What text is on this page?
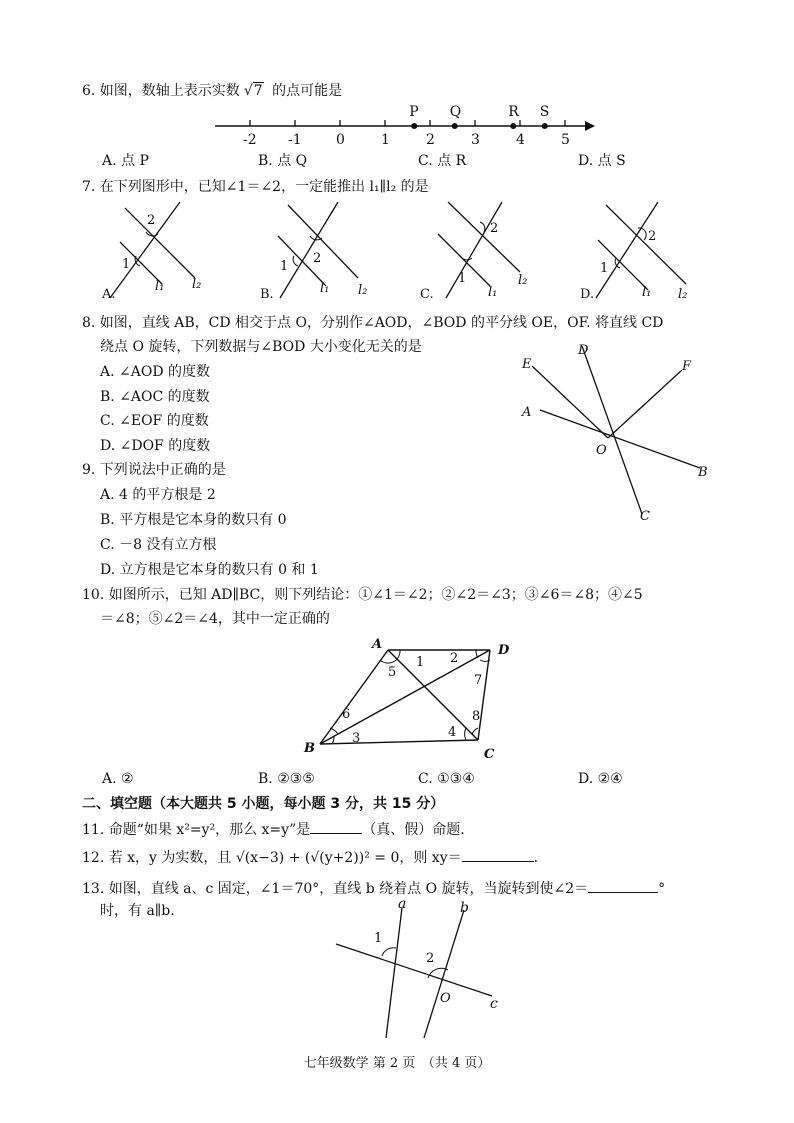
6. 如图，数轴上表示实数 √7 的点可能是
-2 -1 0	1	2	3	4	5
P Q	R S
A. 点 P	B. 点 Q	C. 点 R	D. 点 S
7. 在下列图形中，已知∠1＝∠2，一定能推出 l₁∥l₂ 的是
A.
2
1
l₁ l₂
B.
2
1
l₁ l₂	C.
2
1
l₁
l₂
D.
2
1
l₁ l₂
8. 如图，直线 AB，CD 相交于点 O，分别作∠AOD，∠BOD 的平分线 OE，OF. 将直线 CD
绕点 O 旋转，下列数据与∠BOD 大小变化无关的是
A. ∠AOD 的度数
B. ∠AOC 的度数
C. ∠EOF 的度数
D. ∠DOF 的度数
E
D
F
A
O
B
C
9. 下列说法中正确的是
A. 4 的平方根是 2
B. 平方根是它本身的数只有 0
C. －8 没有立方根
D. 立方根是它本身的数只有 0 和 1
10. 如图所示，已知 AD∥BC，则下列结论：①∠1＝∠2；②∠2＝∠3；③∠6＝∠8；④∠5
＝∠8；⑤∠2＝∠4，其中一定正确的
A	D
B	C
1 2
3	4
5
6
7
8
A. ②	B. ②③⑤	C. ①③④	D. ②④
二、填空题（本大题共 5 小题，每小题 3 分，共 15 分）
11. 命题“如果 x²=y²，那么 x=y”是	（真、假）命题.
12. 若 x，y 为实数，且 √(x−3) + (√(y+2))² = 0，则 xy＝	.
13. 如图，直线 a、c 固定，∠1＝70°，直线 b 绕着点 O 旋转，当旋转到使∠2＝	°
时，有 a∥b.	a	b
1
2
O	c
七年级数学 第 2 页　（共 4 页）
